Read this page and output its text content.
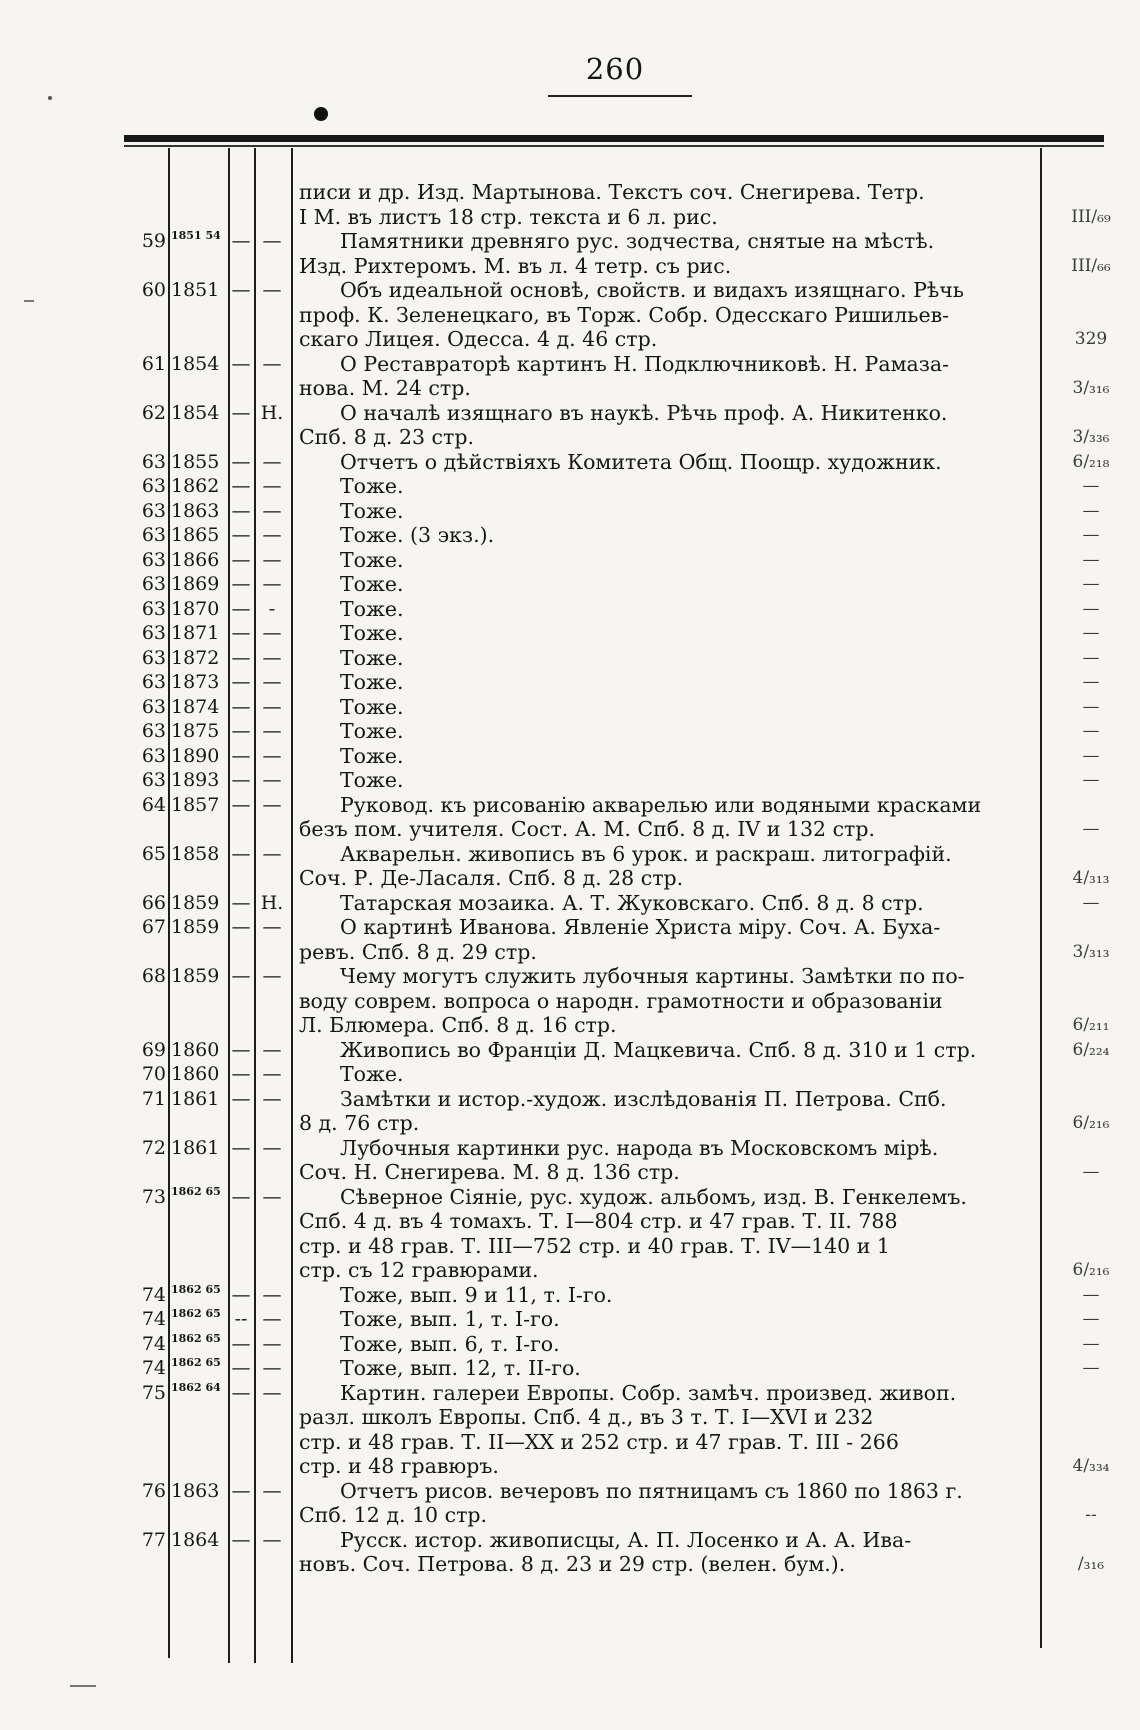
260
писи и др. Изд. Мартынова. Текстъ соч. Снегирева. Тетр.
I М. въ листъ 18 стр. текста и 6 л. рис.	III/₆₉
59 1851 54 — —	Памятники древняго рус. зодчества, снятые на мѣстѣ.
Изд. Рихтеромъ. М. въ л. 4 тетр. съ рис.	III/₆₆
60 1851 — —	Объ идеальной основѣ, свойств. и видахъ изящнаго. Рѣчь
проф. К. Зеленецкаго, въ Торж. Собр. Одесскаго Ришильев-
скаго Лицея. Одесса. 4 д. 46 стр.	329
61 1854 — —	О Реставраторѣ картинъ Н. Подключниковѣ. Н. Рамаза-
нова. М. 24 стр.	3/₃₁₆
62 1854 — Н.	О началѣ изящнаго въ наукѣ. Рѣчь проф. А. Никитенко.
Спб. 8 д. 23 стр.	3/₃₃₆
63 1855 — —	Отчетъ о дѣйствіяхъ Комитета Общ. Поощр. художник.	6/₂₁₈
63 1862 — —	Тоже.	—
63 1863 — —	Тоже.	—
63 1865 — —	Тоже. (3 экз.).	—
63 1866 — —	Тоже.	—
63 1869 — —	Тоже.	—
63 1870 — -	Тоже.	—
63 1871 — —	Тоже.	—
63 1872 — —	Тоже.	—
63 1873 — —	Тоже.	—
63 1874 — —	Тоже.	—
63 1875 — —	Тоже.	—
63 1890 — —	Тоже.	—
63 1893 — —	Тоже.	—
64 1857 — —	Руковод. къ рисованію акварелью или водяными красками
безъ пом. учителя. Сост. А. М. Спб. 8 д. IV и 132 стр.	—
65 1858 — —	Акварельн. живопись въ 6 урок. и раскраш. литографій.
Соч. Р. Де-Ласаля. Спб. 8 д. 28 стр.	4/₃₁₃
66 1859 — Н.	Татарская мозаика. А. Т. Жуковскаго. Спб. 8 д. 8 стр.	—
67 1859 — —	О картинѣ Иванова. Явленіе Христа міру. Соч. А. Буха-
ревъ. Спб. 8 д. 29 стр.	3/₃₁₃
68 1859 — —	Чему могутъ служить лубочныя картины. Замѣтки по по-
воду соврем. вопроса о народн. грамотности и образованіи
Л. Блюмера. Спб. 8 д. 16 стр.	6/₂₁₁
69 1860 — —	Живопись во Франціи Д. Мацкевича. Спб. 8 д. 310 и 1 стр.	6/₂₂₄
70 1860 — —	Тоже.
71 1861 — —	Замѣтки и истор.-худож. изслѣдованія П. Петрова. Спб.
8 д. 76 стр.	6/₂₁₆
72 1861 — —	Лубочныя картинки рус. народа въ Московскомъ мірѣ.
Соч. Н. Снегирева. М. 8 д. 136 стр.	—
73 1862 65 — —	Сѣверное Сіяніе, рус. худож. альбомъ, изд. В. Генкелемъ.
Спб. 4 д. въ 4 томахъ. Т. I—804 стр. и 47 грав. Т. II. 788
стр. и 48 грав. Т. III—752 стр. и 40 грав. Т. IV—140 и 1
стр. съ 12 гравюрами.	6/₂₁₆
74 1862 65 — —	Тоже, вып. 9 и 11, т. I-го.	—
74 1862 65 -- —	Тоже, вып. 1, т. I-го.	—
74 1862 65 — —	Тоже, вып. 6, т. I-го.	—
74 1862 65 — —	Тоже, вып. 12, т. II-го.	—
75 1862 64 — —	Картин. галереи Европы. Собр. замѣч. произвед. живоп.
разл. школъ Европы. Спб. 4 д., въ 3 т. Т. I—XVI и 232
стр. и 48 грав. Т. II—XX и 252 стр. и 47 грав. Т. III - 266
стр. и 48 гравюръ.	4/₃₃₄
76 1863 — —	Отчетъ рисов. вечеровъ по пятницамъ съ 1860 по 1863 г.
Спб. 12 д. 10 стр.	--
77 1864 — —	Русск. истор. живописцы, А. П. Лосенко и А. А. Ива-
новъ. Соч. Петрова. 8 д. 23 и 29 стр. (велен. бум.).	/₃₁₆
